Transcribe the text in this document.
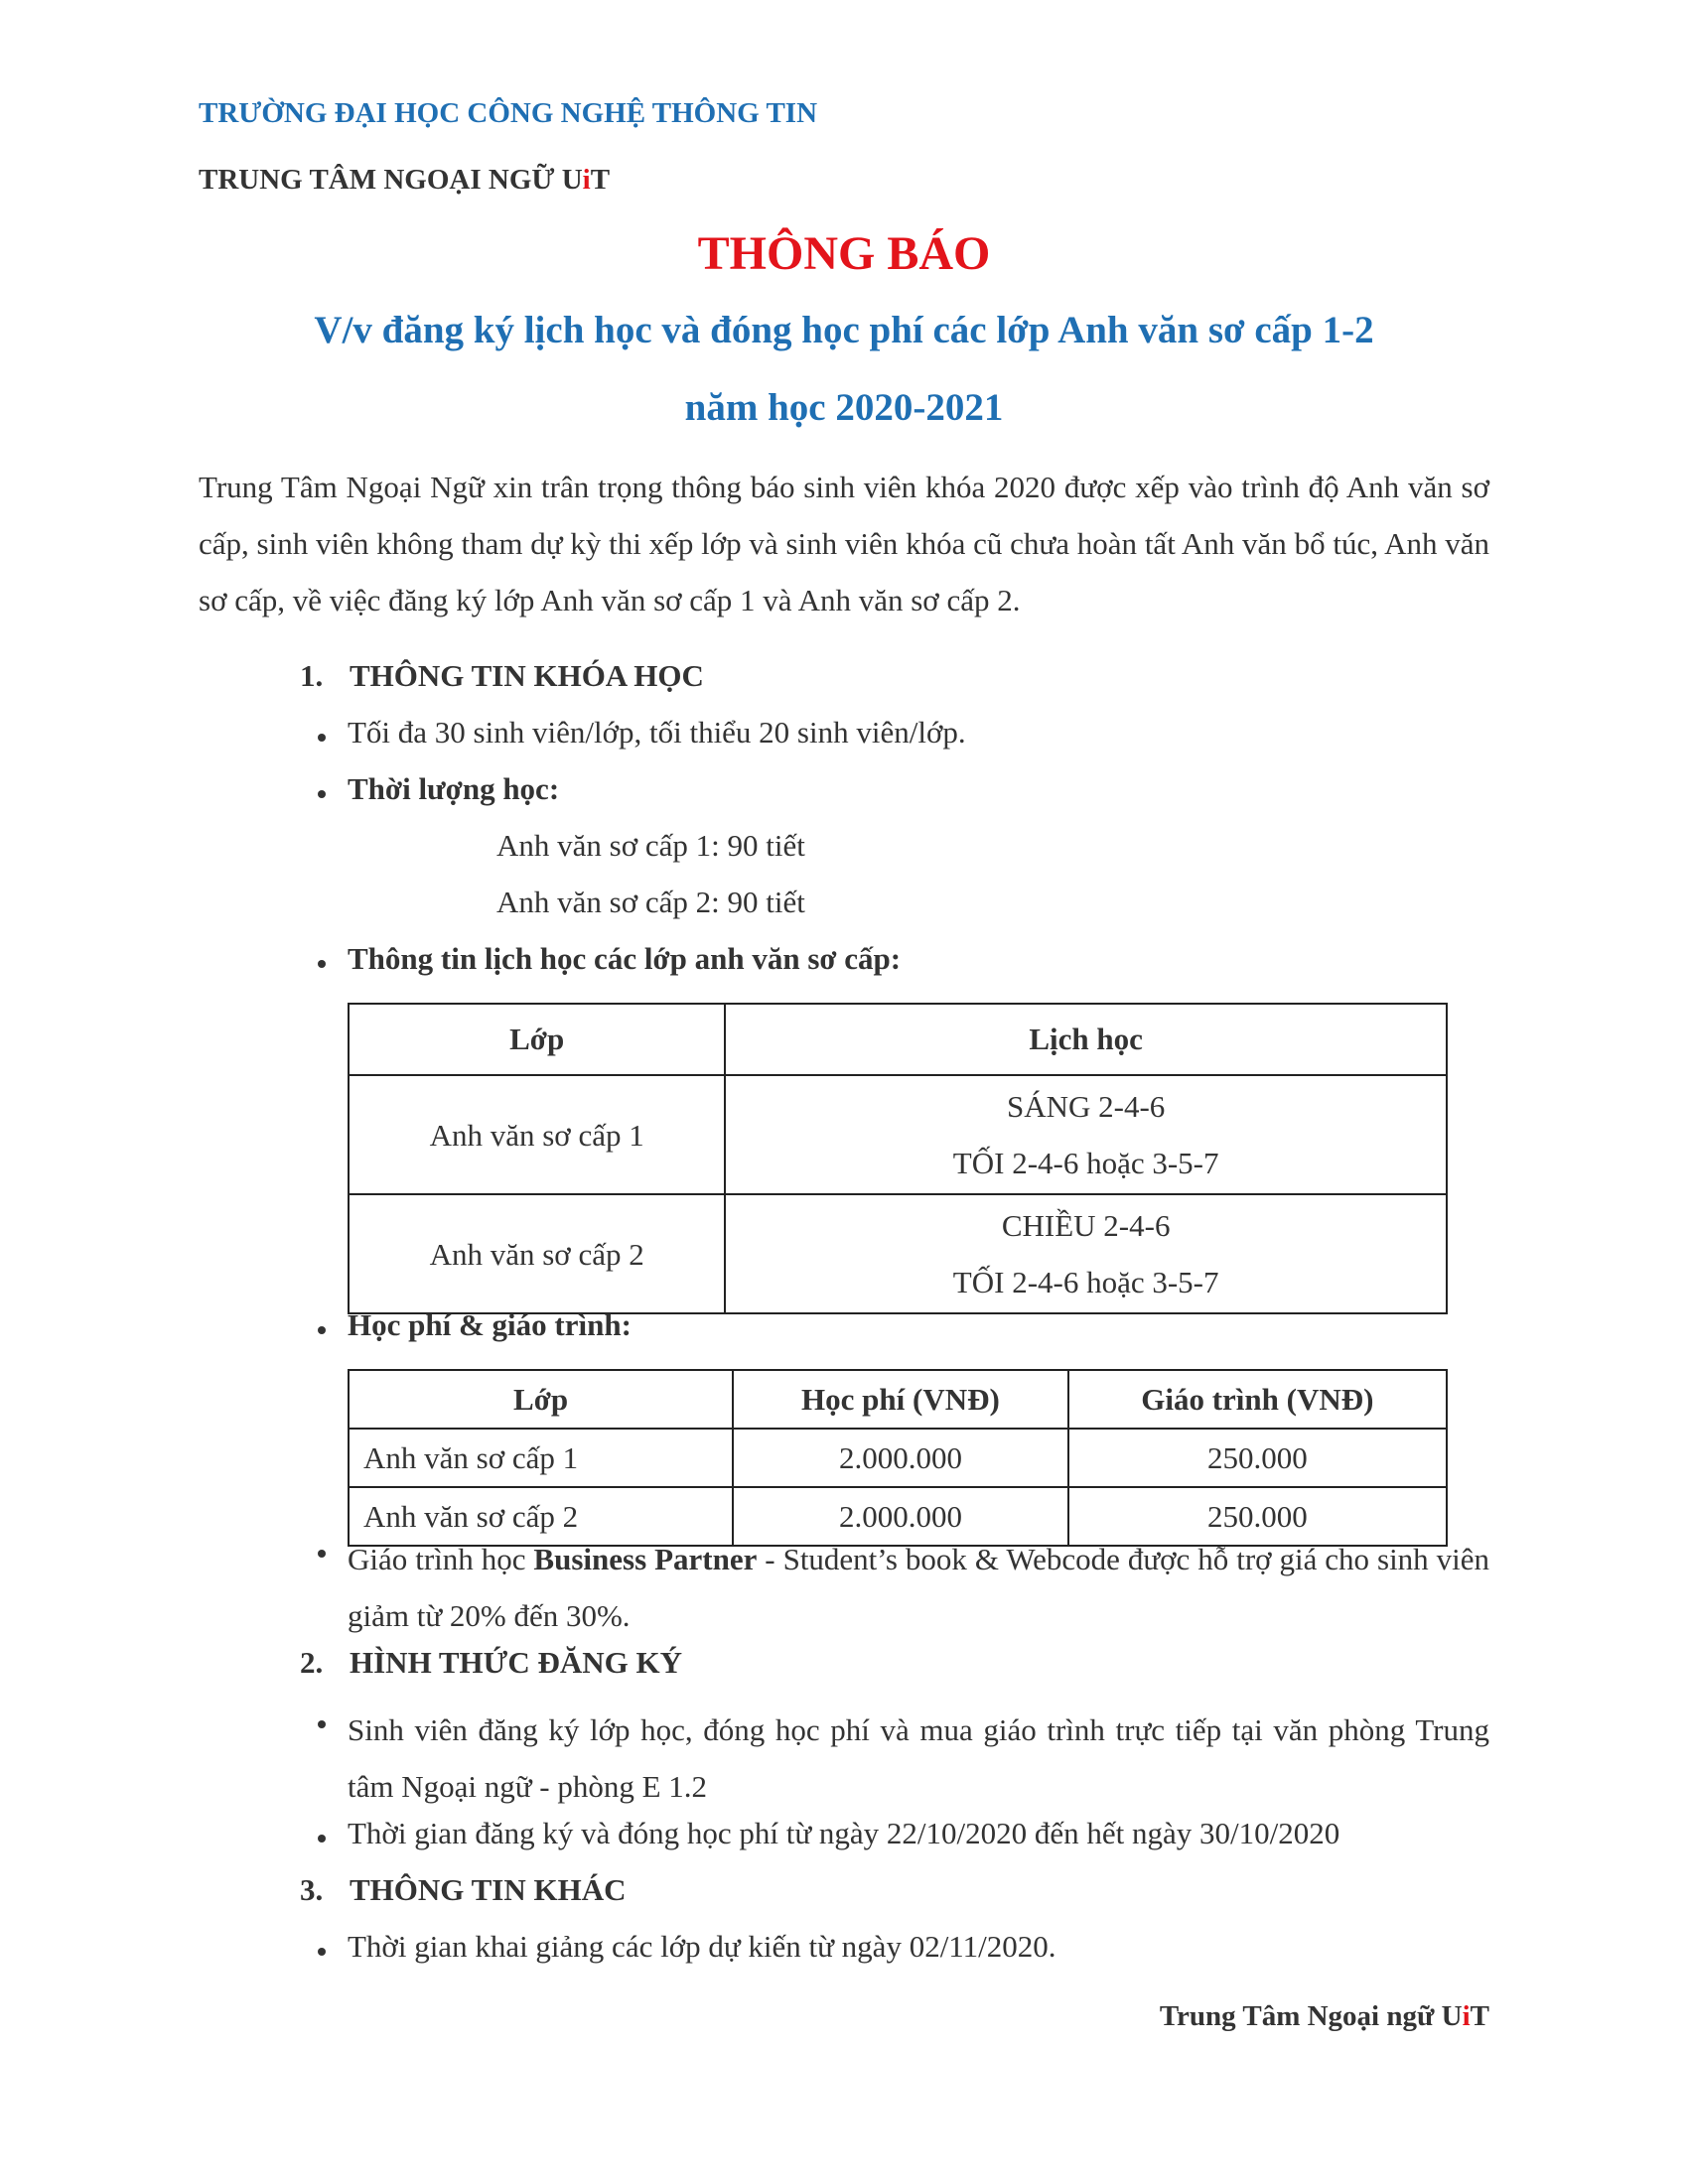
TRƯỜNG ĐẠI HỌC CÔNG NGHỆ THÔNG TIN
TRUNG TÂM NGOẠI NGỮ UiT
THÔNG BÁO
V/v đăng ký lịch học và đóng học phí các lớp Anh văn sơ cấp 1-2
năm học 2020-2021
Trung Tâm Ngoại Ngữ xin trân trọng thông báo sinh viên khóa 2020 được xếp vào trình độ Anh văn sơ cấp, sinh viên không tham dự kỳ thi xếp lớp và sinh viên khóa cũ chưa hoàn tất Anh văn bổ túc, Anh văn sơ cấp, về việc đăng ký lớp Anh văn sơ cấp 1 và Anh văn sơ cấp 2.
1. THÔNG TIN KHÓA HỌC
Tối đa 30 sinh viên/lớp, tối thiểu 20 sinh viên/lớp.
Thời lượng học:
Anh văn sơ cấp 1: 90 tiết
Anh văn sơ cấp 2: 90 tiết
Thông tin lịch học các lớp anh văn sơ cấp:
Lớp	Lịch học
Anh văn sơ cấp 1	SÁNG 2-4-6
TỐI 2-4-6 hoặc 3-5-7

Anh văn sơ cấp 2	CHIỀU 2-4-6
TỐI 2-4-6 hoặc 3-5-7
Học phí & giáo trình:
Lớp	Học phí (VNĐ)	Giáo trình (VNĐ)
Anh văn sơ cấp 1	2.000.000	250.000
Anh văn sơ cấp 2	2.000.000	250.000
Giáo trình học Business Partner - Student’s book & Webcode được hỗ trợ giá cho sinh viên giảm từ 20% đến 30%.
2. HÌNH THỨC ĐĂNG KÝ
Sinh viên đăng ký lớp học, đóng học phí và mua giáo trình trực tiếp tại văn phòng Trung tâm Ngoại ngữ - phòng E 1.2
Thời gian đăng ký và đóng học phí từ ngày 22/10/2020 đến hết ngày 30/10/2020
3. THÔNG TIN KHÁC
Thời gian khai giảng các lớp dự kiến từ ngày 02/11/2020.
Trung Tâm Ngoại ngữ UiT
